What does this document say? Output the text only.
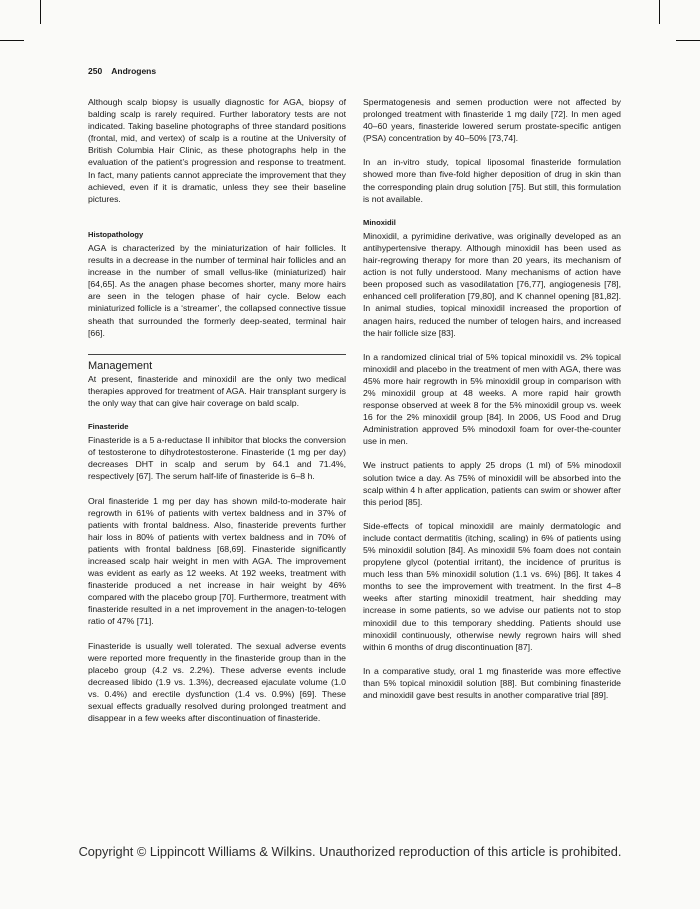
250 Androgens

Although scalp biopsy is usually diagnostic for AGA, biopsy of balding scalp is rarely required. Further laboratory tests are not indicated. Taking baseline photographs of three standard positions (frontal, mid, and vertex) of scalp is a routine at the University of British Columbia Hair Clinic, as these photographs help in the evaluation of the patient’s progression and response to treatment. In fact, many patients cannot appreciate the improvement that they achieved, even if it is dramatic, unless they see their baseline pictures.

Histopathology

AGA is characterized by the miniaturization of hair follicles. It results in a decrease in the number of terminal hair follicles and an increase in the number of small vellus-like (miniaturized) hair [64,65]. As the anagen phase becomes shorter, many more hairs are seen in the telogen phase of hair cycle. Below each miniaturized follicle is a ‘streamer’, the collapsed connective tissue sheath that surrounded the formerly deep-seated, terminal hair [66].

Management

At present, finasteride and minoxidil are the only two medical therapies approved for treatment of AGA. Hair transplant surgery is the only way that can give hair coverage on bald scalp.

Finasteride

Finasteride is a 5 a-reductase II inhibitor that blocks the conversion of testosterone to dihydrotestosterone. Finasteride (1 mg per day) decreases DHT in scalp and serum by 64.1 and 71.4%, respectively [67]. The serum half-life of finasteride is 6–8 h.

Oral finasteride 1 mg per day has shown mild-to-moderate hair regrowth in 61% of patients with vertex baldness and in 37% of patients with frontal baldness. Also, finasteride prevents further hair loss in 80% of patients with vertex baldness and in 70% of patients with frontal baldness [68,69]. Finasteride significantly increased scalp hair weight in men with AGA. The improvement was evident as early as 12 weeks. At 192 weeks, treatment with finasteride produced a net increase in hair weight by 46% compared with the placebo group [70]. Furthermore, treatment with finasteride resulted in a net improvement in the anagen-to-telogen ratio of 47% [71].

Finasteride is usually well tolerated. The sexual adverse events were reported more frequently in the finasteride group than in the placebo group (4.2 vs. 2.2%). These adverse events include decreased libido (1.9 vs. 1.3%), decreased ejaculate volume (1.0 vs. 0.4%) and erectile dysfunction (1.4 vs. 0.9%) [69]. These sexual effects gradually resolved during prolonged treatment and disappear in a few weeks after discontinuation of finasteride.

Spermatogenesis and semen production were not affected by prolonged treatment with finasteride 1 mg daily [72]. In men aged 40–60 years, finasteride lowered serum prostate-specific antigen (PSA) concentration by 40–50% [73,74].

In an in-vitro study, topical liposomal finasteride formulation showed more than five-fold higher deposition of drug in skin than the corresponding plain drug solution [75]. But still, this formulation is not available.

Minoxidil

Minoxidil, a pyrimidine derivative, was originally developed as an antihypertensive therapy. Although minoxidil has been used as hair-regrowing therapy for more than 20 years, its mechanism of action is not fully understood. Many mechanisms of action have been proposed such as vasodilatation [76,77], angiogenesis [78], enhanced cell proliferation [79,80], and K channel opening [81,82]. In animal studies, topical minoxidil increased the proportion of anagen hairs, reduced the number of telogen hairs, and increased the hair follicle size [83].

In a randomized clinical trial of 5% topical minoxidil vs. 2% topical minoxidil and placebo in the treatment of men with AGA, there was 45% more hair regrowth in 5% minoxidil group in comparison with 2% minoxidil group at 48 weeks. A more rapid hair growth response observed at week 8 for the 5% minoxidil group vs. week 16 for the 2% minoxidil group [84]. In 2006, US Food and Drug Administration approved 5% minodoxil foam for over-the-counter use in men.

We instruct patients to apply 25 drops (1 ml) of 5% minodoxil solution twice a day. As 75% of minoxidil will be absorbed into the scalp within 4 h after application, patients can swim or shower after this period [85].

Side-effects of topical minoxidil are mainly dermatologic and include contact dermatitis (itching, scaling) in 6% of patients using 5% minoxidil solution [84]. As minoxidil 5% foam does not contain propylene glycol (potential irritant), the incidence of pruritus is much less than 5% minoxidil solution (1.1 vs. 6%) [86]. It takes 4 months to see the improvement with treatment. In the first 4–8 weeks after starting minoxidil treatment, hair shedding may increase in some patients, so we advise our patients not to stop minoxidil due to this temporary shedding. Patients should use minoxidil continuously, otherwise newly regrown hairs will shed within 6 months of drug discontinuation [87].

In a comparative study, oral 1 mg finasteride was more effective than 5% topical minoxidil solution [88]. But combining finasteride and minoxidil gave best results in another comparative trial [89].

Copyright © Lippincott Williams & Wilkins. Unauthorized reproduction of this article is prohibited.
